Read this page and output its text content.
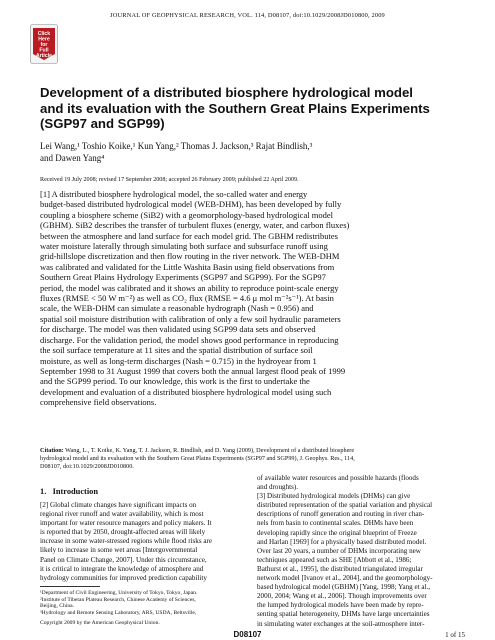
JOURNAL OF GEOPHYSICAL RESEARCH, VOL. 114, D08107, doi:10.1029/2008JD010800, 2009
Click
Here
for
Full
Article
Development of a distributed biosphere hydrological model
and its evaluation with the Southern Great Plains Experiments
(SGP97 and SGP99)
Lei Wang,¹ Toshio Koike,¹ Kun Yang,² Thomas J. Jackson,³ Rajat Bindlish,³
and Dawen Yang⁴
Received 19 July 2008; revised 17 September 2008; accepted 26 February 2009; published 22 April 2009.
[1] A distributed biosphere hydrological model, the so-called water and energy
budget-based distributed hydrological model (WEB-DHM), has been developed by fully
coupling a biosphere scheme (SiB2) with a geomorphology-based hydrological model
(GBHM). SiB2 describes the transfer of turbulent fluxes (energy, water, and carbon fluxes)
between the atmosphere and land surface for each model grid. The GBHM redistributes
water moisture laterally through simulating both surface and subsurface runoff using
grid-hillslope discretization and then flow routing in the river network. The WEB-DHM
was calibrated and validated for the Little Washita Basin using field observations from
Southern Great Plains Hydrology Experiments (SGP97 and SGP99). For the SGP97
period, the model was calibrated and it shows an ability to reproduce point-scale energy
fluxes (RMSE < 50 W m⁻²) as well as CO₂ flux (RMSE = 4.6 μ mol m⁻²s⁻¹). At basin
scale, the WEB-DHM can simulate a reasonable hydrograph (Nash = 0.956) and
spatial soil moisture distribution with calibration of only a few soil hydraulic parameters
for discharge. The model was then validated using SGP99 data sets and observed
discharge. For the validation period, the model shows good performance in reproducing
the soil surface temperature at 11 sites and the spatial distribution of surface soil
moisture, as well as long-term discharges (Nash = 0.715) in the hydroyear from 1
September 1998 to 31 August 1999 that covers both the annual largest flood peak of 1999
and the SGP99 period. To our knowledge, this work is the first to undertake the
development and evaluation of a distributed biosphere hydrological model using such
comprehensive field observations.
Citation: Wang, L., T. Koike, K. Yang, T. J. Jackson, R. Bindlish, and D. Yang (2009), Development of a distributed biosphere
hydrological model and its evaluation with the Southern Great Plains Experiments (SGP97 and SGP99), J. Geophys. Res., 114,
D08107, doi:10.1029/2008JD010800.
1. Introduction
[2] Global climate changes have significant impacts on
regional river runoff and water availability, which is most
important for water resource managers and policy makers. It
is reported that by 2050, drought-affected areas will likely
increase in some water-stressed regions while flood risks are
likely to increase in some wet areas [Intergovernmental
Panel on Climate Change, 2007]. Under this circumstance,
it is critical to integrate the knowledge of atmosphere and
hydrology communities for improved prediction capability
¹Department of Civil Engineering, University of Tokyo, Tokyo, Japan.
²Institute of Tibetan Plateau Research, Chinese Academy of Sciences,
Beijing, China.
³Hydrology and Remote Sensing Laboratory, ARS, USDA, Beltsville,
Copyright 2009 by the American Geophysical Union.
of available water resources and possible hazards (floods
and droughts).
[3] Distributed hydrological models (DHMs) can give
distributed representation of the spatial variation and physical
descriptions of runoff generation and routing in river chan-
nels from basin to continental scales. DHMs have been
developing rapidly since the original blueprint of Freeze
and Harlan [1969] for a physically based distributed model.
Over last 20 years, a number of DHMs incorporating new
techniques appeared such as SHE [Abbott et al., 1986;
Bathurst et al., 1995], the distributed triangulated irregular
network model [Ivanov et al., 2004], and the geomorphology-
based hydrological model (GBHM) [Yang, 1998; Yang et al.,
2000, 2004; Wang et al., 2006]. Though improvements over
the lumped hydrological models have been made by repre-
senting spatial heterogeneity, DHMs have large uncertainties
in simulating water exchanges at the soil-atmosphere inter-
D08107	1 of 15
